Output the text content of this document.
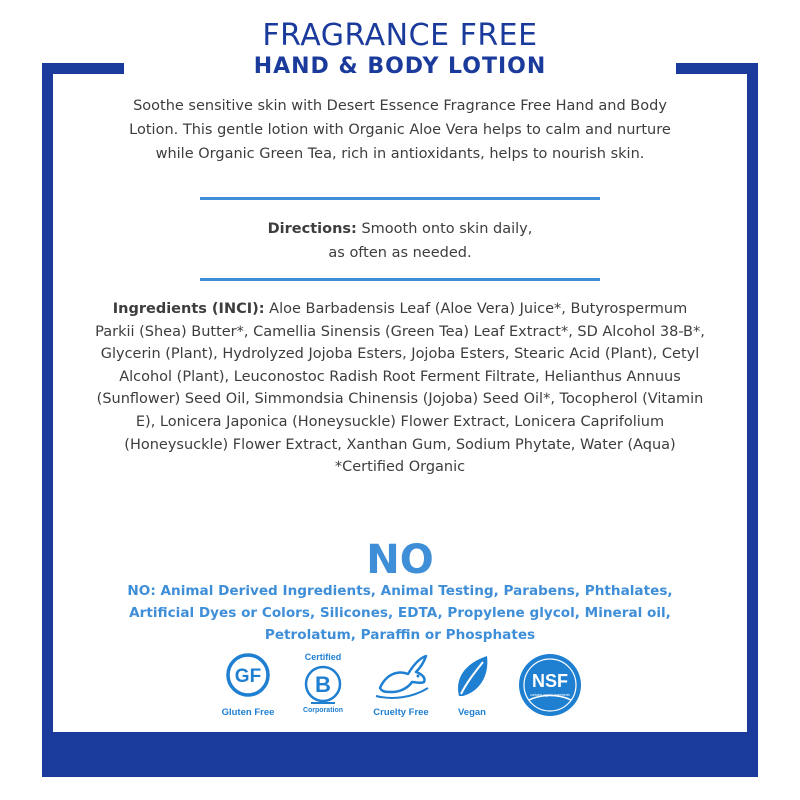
FRAGRANCE FREE
HAND & BODY LOTION
Soothe sensitive skin with Desert Essence Fragrance Free Hand and Body Lotion. This gentle lotion with Organic Aloe Vera helps to calm and nurture while Organic Green Tea, rich in antioxidants, helps to nourish skin.
Directions: Smooth onto skin daily,
as often as needed.
Ingredients (INCI): Aloe Barbadensis Leaf (Aloe Vera) Juice*, Butyrospermum Parkii (Shea) Butter*, Camellia Sinensis (Green Tea) Leaf Extract*, SD Alcohol 38-B*, Glycerin (Plant), Hydrolyzed Jojoba Esters, Jojoba Esters, Stearic Acid (Plant), Cetyl Alcohol (Plant), Leuconostoc Radish Root Ferment Filtrate, Helianthus Annuus (Sunflower) Seed Oil, Simmondsia Chinensis (Jojoba) Seed Oil*, Tocopherol (Vitamin E), Lonicera Japonica (Honeysuckle) Flower Extract, Lonicera Caprifolium (Honeysuckle) Flower Extract, Xanthan Gum, Sodium Phytate, Water (Aqua)
*Certified Organic
NO
NO: Animal Derived Ingredients, Animal Testing, Parabens, Phthalates, Artificial Dyes or Colors, Silicones, EDTA, Propylene glycol, Mineral oil, Petrolatum, Paraffin or Phosphates
GF
Gluten Free
Certified
B
Corporation	Cruelty Free	Vegan
NSF
contains organic ingredients
